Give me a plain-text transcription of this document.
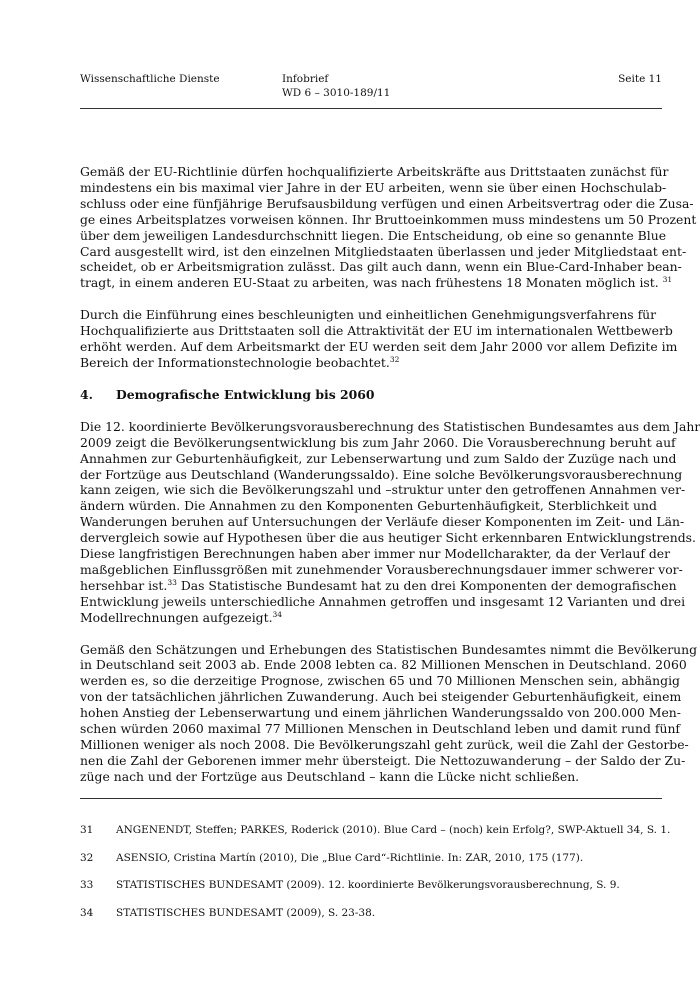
Wissenschaftliche Dienste	Infobrief
WD 6 – 3010-189/11
Seite 11

Gemäß der EU-Richtlinie dürfen hochqualifizierte Arbeitskräfte aus Drittstaaten zunächst für
mindestens ein bis maximal vier Jahre in der EU arbeiten, wenn sie über einen Hochschulab-
schluss oder eine fünfjährige Berufsausbildung verfügen und einen Arbeitsvertrag oder die Zusa-
ge eines Arbeitsplatzes vorweisen können. Ihr Bruttoeinkommen muss mindestens um 50 Prozent
über dem jeweiligen Landesdurchschnitt liegen. Die Entscheidung, ob eine so genannte Blue
Card ausgestellt wird, ist den einzelnen Mitgliedstaaten überlassen und jeder Mitgliedstaat ent-
scheidet, ob er Arbeitsmigration zulässt. Das gilt auch dann, wenn ein Blue-Card-Inhaber bean-
tragt, in einem anderen EU-Staat zu arbeiten, was nach frühestens 18 Monaten möglich ist. $^{31}$

Durch die Einführung eines beschleunigten und einheitlichen Genehmigungsverfahrens für
Hochqualifizierte aus Drittstaaten soll die Attraktivität der EU im internationalen Wettbewerb
erhöht werden. Auf dem Arbeitsmarkt der EU werden seit dem Jahr 2000 vor allem Defizite im
Bereich der Informationstechnologie beobachtet.$^{32}$

4. Demografische Entwicklung bis 2060

Die 12. koordinierte Bevölkerungsvorausberechnung des Statistischen Bundesamtes aus dem Jahr
2009 zeigt die Bevölkerungsentwicklung bis zum Jahr 2060. Die Vorausberechnung beruht auf
Annahmen zur Geburtenhäufigkeit, zur Lebenserwartung und zum Saldo der Zuzüge nach und
der Fortzüge aus Deutschland (Wanderungssaldo). Eine solche Bevölkerungsvorausberechnung
kann zeigen, wie sich die Bevölkerungszahl und –struktur unter den getroffenen Annahmen ver-
ändern würden. Die Annahmen zu den Komponenten Geburtenhäufigkeit, Sterblichkeit und
Wanderungen beruhen auf Untersuchungen der Verläufe dieser Komponenten im Zeit- und Län-
dervergleich sowie auf Hypothesen über die aus heutiger Sicht erkennbaren Entwicklungstrends.
Diese langfristigen Berechnungen haben aber immer nur Modellcharakter, da der Verlauf der
maßgeblichen Einflussgrößen mit zunehmender Vorausberechnungsdauer immer schwerer vor-
hersehbar ist.$^{33}$ Das Statistische Bundesamt hat zu den drei Komponenten der demografischen
Entwicklung jeweils unterschiedliche Annahmen getroffen und insgesamt 12 Varianten und drei
Modellrechnungen aufgezeigt.$^{34}$

Gemäß den Schätzungen und Erhebungen des Statistischen Bundesamtes nimmt die Bevölkerung
in Deutschland seit 2003 ab. Ende 2008 lebten ca. 82 Millionen Menschen in Deutschland. 2060
werden es, so die derzeitige Prognose, zwischen 65 und 70 Millionen Menschen sein, abhängig
von der tatsächlichen jährlichen Zuwanderung. Auch bei steigender Geburtenhäufigkeit, einem
hohen Anstieg der Lebenserwartung und einem jährlichen Wanderungssaldo von 200.000 Men-
schen würden 2060 maximal 77 Millionen Menschen in Deutschland leben und damit rund fünf
Millionen weniger als noch 2008. Die Bevölkerungszahl geht zurück, weil die Zahl der Gestorbe-
nen die Zahl der Geborenen immer mehr übersteigt. Die Nettozuwanderung – der Saldo der Zu-
züge nach und der Fortzüge aus Deutschland – kann die Lücke nicht schließen.

31 ANGENENDT, Steffen; PARKES, Roderick (2010). Blue Card – (noch) kein Erfolg?, SWP-Aktuell 34, S. 1.
32 ASENSIO, Cristina Martín (2010), Die „Blue Card“-Richtlinie. In: ZAR, 2010, 175 (177).
33 STATISTISCHES BUNDESAMT (2009). 12. koordinierte Bevölkerungsvorausberechnung, S. 9.
34 STATISTISCHES BUNDESAMT (2009), S. 23-38.
